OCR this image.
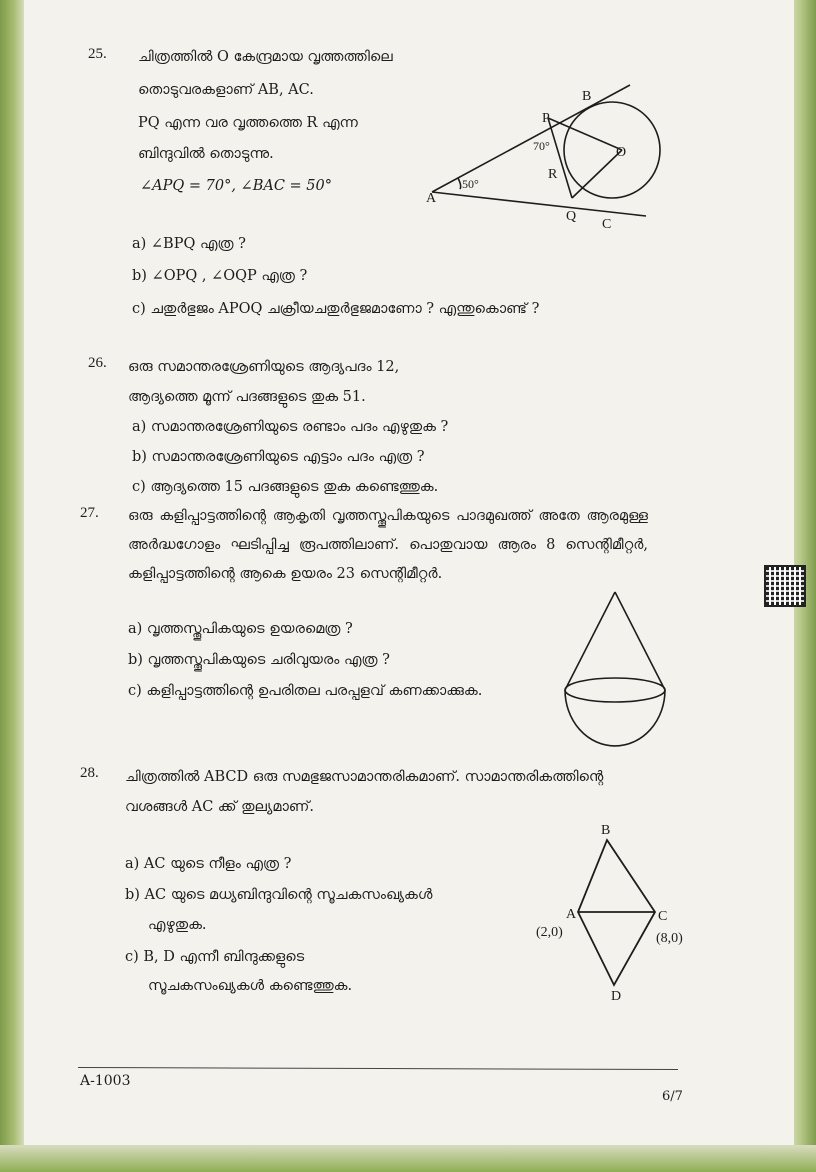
25. ചിത്രത്തിൽ O കേന്ദ്രമായ വൃത്തത്തിലെ
തൊടുവരകളാണ് AB, AC.
PQ എന്ന വര വൃത്തത്തെ R എന്ന
ബിന്ദുവിൽ തൊടുന്നു.
∠APQ = 70°, ∠BAC = 50°
a) ∠BPQ എത്ര ?
b) ∠OPQ , ∠OQP എത്ര ?
c) ചതുർഭുജം APOQ ചക്രീയചതുർഭുജമാണോ ? എന്തുകൊണ്ട് ?
26. ഒരു സമാന്തരശ്രേണിയുടെ ആദ്യപദം 12,
ആദ്യത്തെ മൂന്ന് പദങ്ങളുടെ തുക 51.
a) സമാന്തരശ്രേണിയുടെ രണ്ടാം പദം എഴുതുക ?
b) സമാന്തരശ്രേണിയുടെ എട്ടാം പദം എത്ര ?
c) ആദ്യത്തെ 15 പദങ്ങളുടെ തുക കണ്ടെത്തുക.
27. ഒരു കളിപ്പാട്ടത്തിന്റെ ആകൃതി വൃത്തസ്തൂപികയുടെ പാദമുഖത്ത് അതേ ആരമുള്ള അർദ്ധഗോളം ഘടിപ്പിച്ച രൂപത്തിലാണ്. പൊതുവായ ആരം 8 സെന്റിമീറ്റർ, കളിപ്പാട്ടത്തിന്റെ ആകെ ഉയരം 23 സെന്റിമീറ്റർ.
a) വൃത്തസ്തൂപികയുടെ ഉയരമെത്ര ?
b) വൃത്തസ്തൂപികയുടെ ചരിവുയരം എത്ര ?
c) കളിപ്പാട്ടത്തിന്റെ ഉപരിതല പരപ്പളവ് കണക്കാക്കുക.
28. ചിത്രത്തിൽ ABCD ഒരു സമഭുജസാമാന്തരികമാണ്. സാമാന്തരികത്തിന്റെ
വശങ്ങൾ AC ക്ക് തുല്യമാണ്.
a) AC യുടെ നീളം എത്ര ?
b) AC യുടെ മധ്യബിന്ദുവിന്റെ സൂചകസംഖ്യകൾ
എഴുതുക.
c) B, D എന്നീ ബിന്ദുക്കളുടെ
സൂചകസംഖ്യകൾ കണ്ടെത്തുക.
A
B
P
O
R
Q
C
70°
50°
A
B
C
D
(2,0)	(8,0)
A-1003
6/7
